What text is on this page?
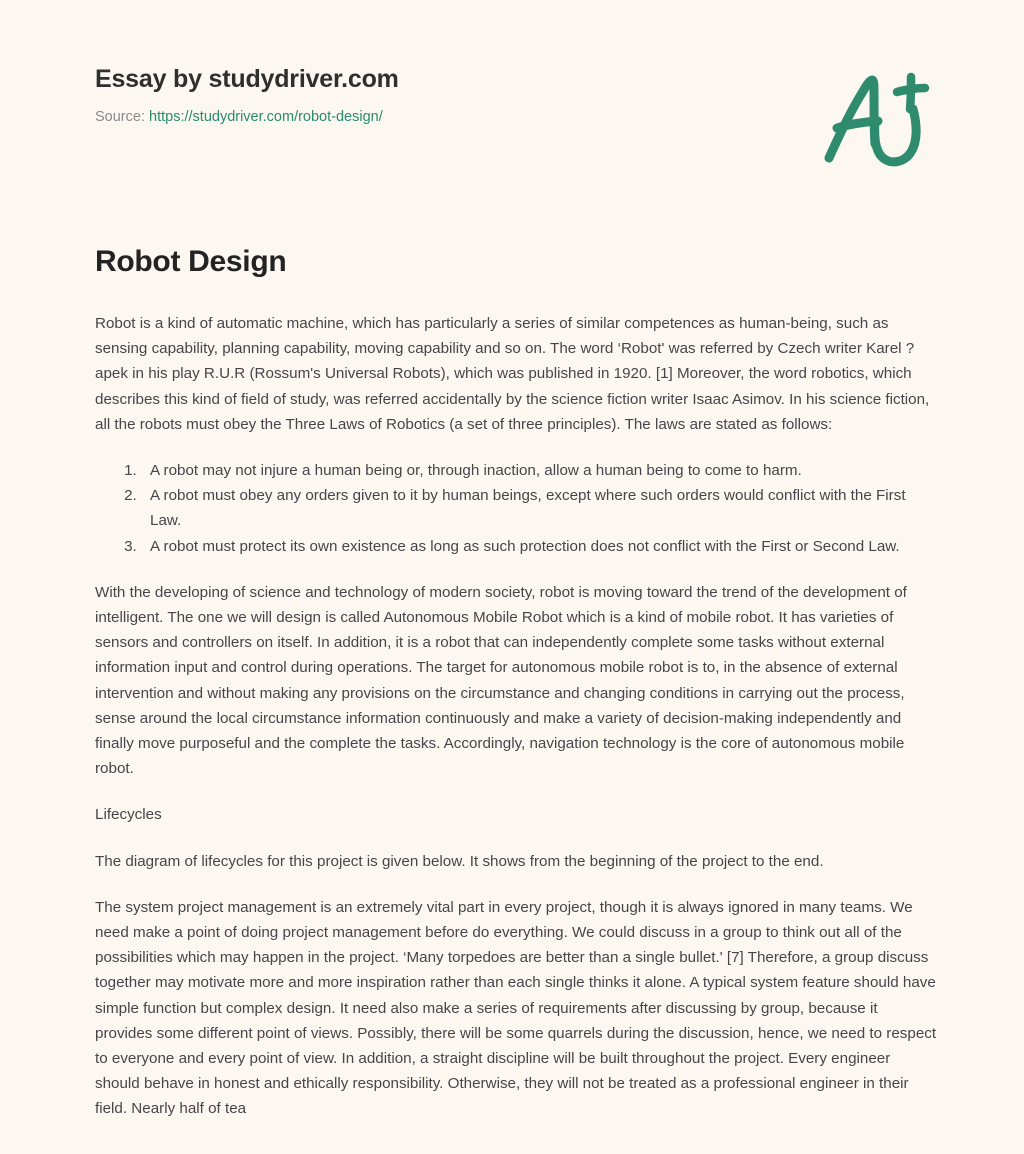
Essay by studydriver.com
Source: https://studydriver.com/robot-design/
Robot Design

Robot is a kind of automatic machine, which has particularly a series of similar competences as human-being, such as sensing capability, planning capability, moving capability and so on. The word ‘Robot' was referred by Czech writer Karel ?apek in his play R.U.R (Rossum's Universal Robots), which was published in 1920. [1] Moreover, the word robotics, which describes this kind of field of study, was referred accidentally by the science fiction writer Isaac Asimov. In his science fiction, all the robots must obey the Three Laws of Robotics (a set of three principles). The laws are stated as follows:

1. A robot may not injure a human being or, through inaction, allow a human being to come to harm.
2. A robot must obey any orders given to it by human beings, except where such orders would conflict with the First Law.
3. A robot must protect its own existence as long as such protection does not conflict with the First or Second Law.

With the developing of science and technology of modern society, robot is moving toward the trend of the development of intelligent. The one we will design is called Autonomous Mobile Robot which is a kind of mobile robot. It has varieties of sensors and controllers on itself. In addition, it is a robot that can independently complete some tasks without external information input and control during operations. The target for autonomous mobile robot is to, in the absence of external intervention and without making any provisions on the circumstance and changing conditions in carrying out the process, sense around the local circumstance information continuously and make a variety of decision-making independently and finally move purposeful and the complete the tasks. Accordingly, navigation technology is the core of autonomous mobile robot.

Lifecycles

The diagram of lifecycles for this project is given below. It shows from the beginning of the project to the end.

The system project management is an extremely vital part in every project, though it is always ignored in many teams. We need make a point of doing project management before do everything. We could discuss in a group to think out all of the possibilities which may happen in the project. ‘Many torpedoes are better than a single bullet.' [7] Therefore, a group discuss together may motivate more and more inspiration rather than each single thinks it alone. A typical system feature should have simple function but complex design. It need also make a series of requirements after discussing by group, because it provides some different point of views. Possibly, there will be some quarrels during the discussion, hence, we need to respect to everyone and every point of view. In addition, a straight discipline will be built throughout the project. Every engineer should behave in honest and ethically responsibility. Otherwise, they will not be treated as a professional engineer in their field. Nearly half of tea
